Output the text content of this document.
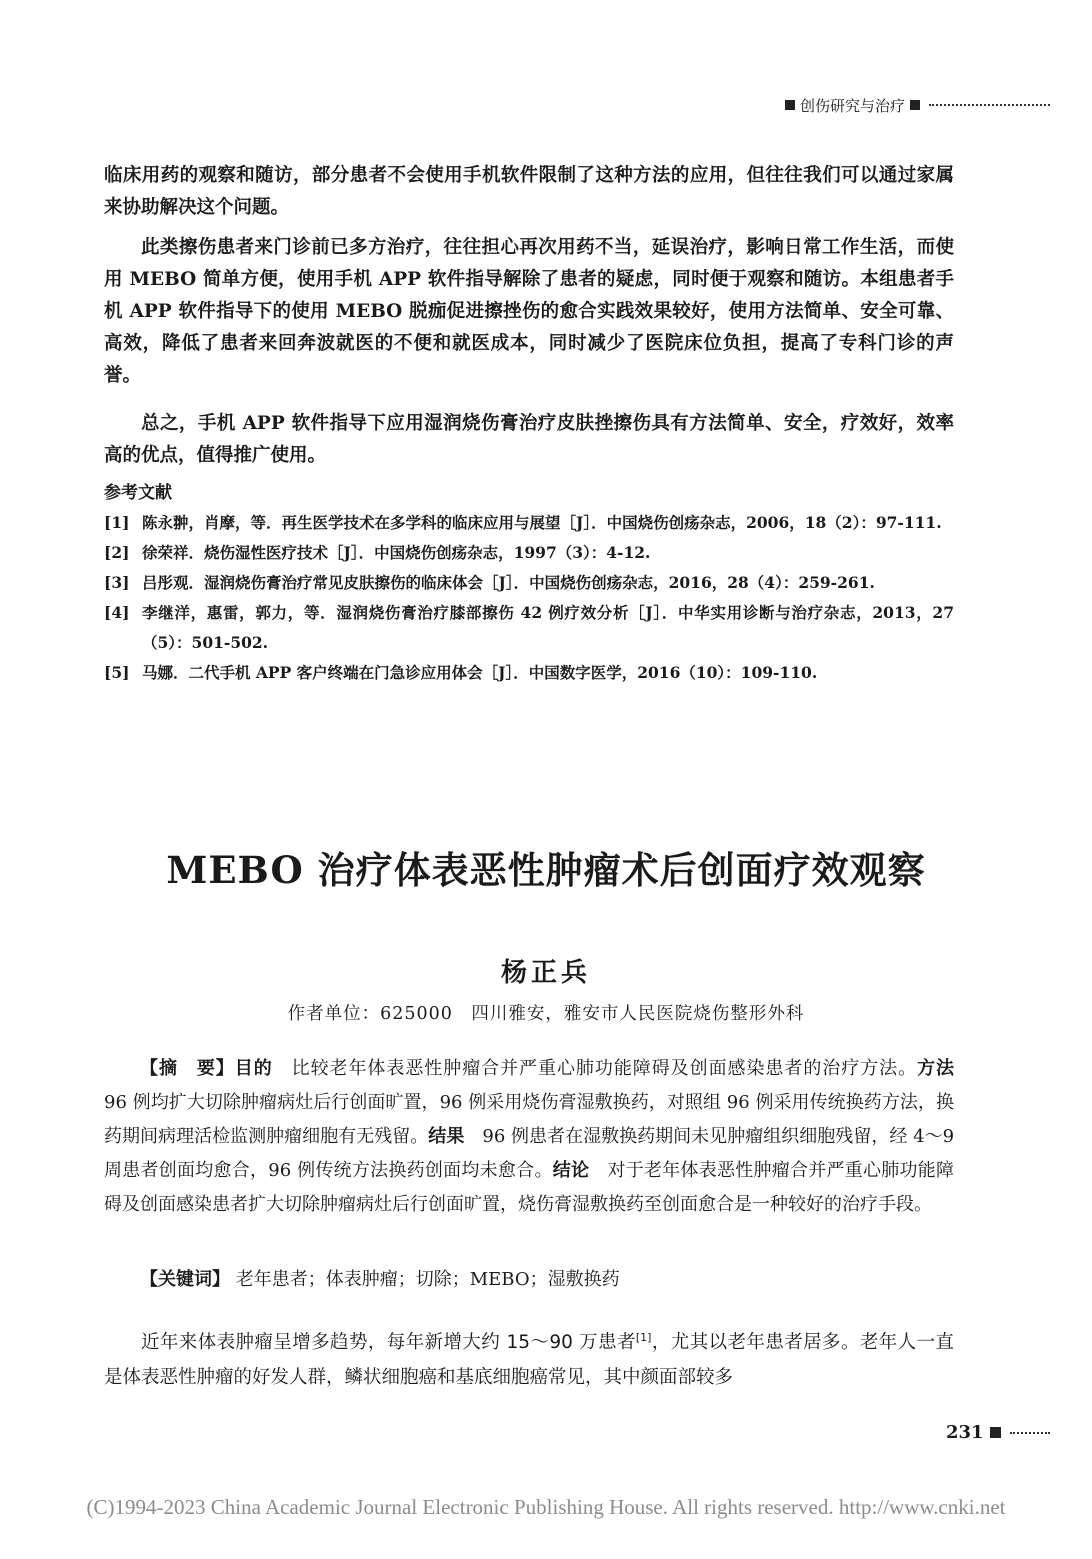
创伤研究与治疗

临床用药的观察和随访，部分患者不会使用手机软件限制了这种方法的应用，但往往我们可以通过家属来协助解决这个问题。

此类擦伤患者来门诊前已多方治疗，往往担心再次用药不当，延误治疗，影响日常工作生活，而使用 MEBO 简单方便，使用手机 APP 软件指导解除了患者的疑虑，同时便于观察和随访。本组患者手机 APP 软件指导下的使用 MEBO 脱痂促进擦挫伤的愈合实践效果较好，使用方法简单、安全可靠、高效，降低了患者来回奔波就医的不便和就医成本，同时减少了医院床位负担，提高了专科门诊的声誉。

总之，手机 APP 软件指导下应用湿润烧伤膏治疗皮肤挫擦伤具有方法简单、安全，疗效好，效率高的优点，值得推广使用。

参考文献
[1] 陈永翀，肖摩，等．再生医学技术在多学科的临床应用与展望［J］．中国烧伤创疡杂志，2006，18（2）：97-111.
[2] 徐荣祥．烧伤湿性医疗技术［J］．中国烧伤创疡杂志，1997（3）：4-12.
[3] 吕彤观．湿润烧伤膏治疗常见皮肤擦伤的临床体会［J］．中国烧伤创疡杂志，2016，28（4）：259-261.
[4] 李继洋，惠雷，郭力，等．湿润烧伤膏治疗膝部擦伤 42 例疗效分析［J］．中华实用诊断与治疗杂志，2013，27（5）：501-502.
[5] 马娜．二代手机 APP 客户终端在门急诊应用体会［J］．中国数字医学，2016（10）：109-110.
MEBO 治疗体表恶性肿瘤术后创面疗效观察
杨正兵
作者单位：625000　四川雅安，雅安市人民医院烧伤整形外科

【摘　要】目的　 比较老年体表恶性肿瘤合并严重心肺功能障碍及创面感染患者的治疗方法。方法　96 例均扩大切除肿瘤病灶后行创面旷置，96 例采用烧伤膏湿敷换药，对照组 96 例采用传统换药方法，换药期间病理活检监测肿瘤细胞有无残留。结果　 96 例患者在湿敷换药期间未见肿瘤组织细胞残留，经 4～9 周患者创面均愈合，96 例传统方法换药创面均未愈合。结论　 对于老年体表恶性肿瘤合并严重心肺功能障碍及创面感染患者扩大切除肿瘤病灶后行创面旷置，烧伤膏湿敷换药至创面愈合是一种较好的治疗手段。

【关键词】 老年患者；体表肿瘤；切除；MEBO；湿敷换药

近年来体表肿瘤呈增多趋势，每年新增大约 15～90 万患者[1]，尤其以老年患者居多。老年人一直是体表恶性肿瘤的好发人群，鳞状细胞癌和基底细胞癌常见，其中颜面部较多

231
(C)1994-2023 China Academic Journal Electronic Publishing House. All rights reserved. http://www.cnki.net
